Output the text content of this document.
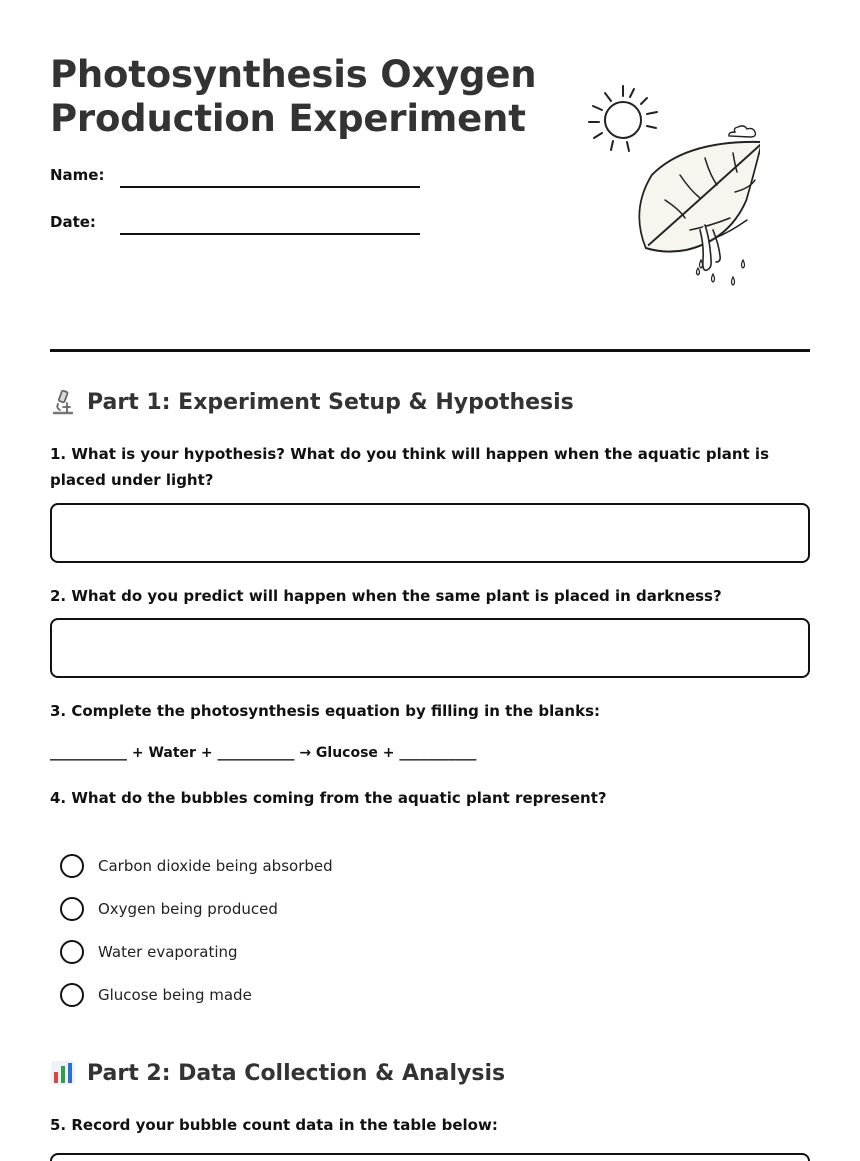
Photosynthesis Oxygen Production Experiment
Name:
Date:
Part 1: Experiment Setup & Hypothesis
1. What is your hypothesis? What do you think will happen when the aquatic plant is placed under light?
2. What do you predict will happen when the same plant is placed in darkness?
3. Complete the photosynthesis equation by filling in the blanks:
___________ + Water + ___________ → Glucose + ___________
4. What do the bubbles coming from the aquatic plant represent?
Carbon dioxide being absorbed
Oxygen being produced
Water evaporating
Glucose being made
Part 2: Data Collection & Analysis
5. Record your bubble count data in the table below:
